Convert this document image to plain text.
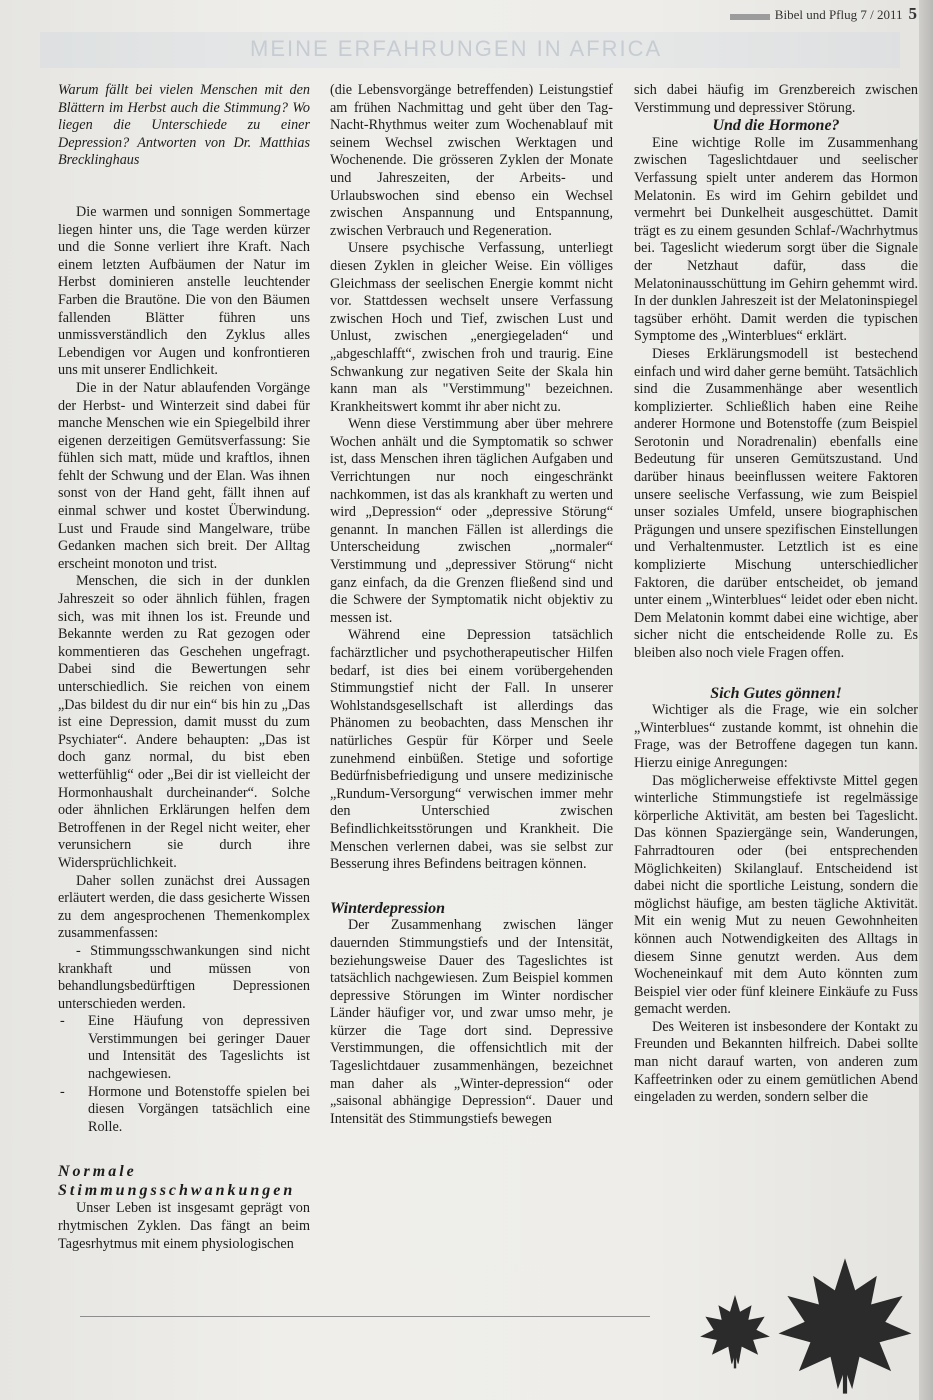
MEINE ERFAHRUNGEN IN AFRICA
Bibel und Pflug 7 / 2011 5

Warum fällt bei vielen Menschen mit den Blättern im Herbst auch die Stimmung? Wo liegen die Unterschiede zu einer Depression? Antworten von Dr. Matthias Brecklinghaus

Die warmen und sonnigen Sommertage liegen hinter uns, die Tage werden kürzer und die Sonne verliert ihre Kraft. Nach einem letzten Aufbäumen der Natur im Herbst dominieren anstelle leuchtender Farben die Brautöne. Die von den Bäumen fallenden Blätter führen uns unmissverständlich den Zyklus alles Lebendigen vor Augen und konfrontieren uns mit unserer Endlichkeit.

Die in der Natur ablaufenden Vorgänge der Herbst- und Winterzeit sind dabei für manche Menschen wie ein Spiegelbild ihrer eigenen derzeitigen Gemütsverfassung: Sie fühlen sich matt, müde und kraftlos, ihnen fehlt der Schwung und der Elan. Was ihnen sonst von der Hand geht, fällt ihnen auf einmal schwer und kostet Überwindung. Lust und Fraude sind Mangelware, trübe Gedanken machen sich breit. Der Alltag erscheint monoton und trist.

Menschen, die sich in der dunklen Jahreszeit so oder ähnlich fühlen, fragen sich, was mit ihnen los ist. Freunde und Bekannte werden zu Rat gezogen oder kommentieren das Geschehen ungefragt. Dabei sind die Bewertungen sehr unterschiedlich. Sie reichen von einem „Das bildest du dir nur ein“ bis hin zu „Das ist eine Depression, damit musst du zum Psychiater“. Andere behaupten: „Das ist doch ganz normal, du bist eben wetterfühlig“ oder „Bei dir ist vielleicht der Hormonhaushalt durcheinander“. Solche oder ähnlichen Erklärungen helfen dem Betroffenen in der Regel nicht weiter, eher verunsichern sie durch ihre Widersprüchlichkeit.

Daher sollen zunächst drei Aussagen erläutert werden, die dass gesicherte Wissen zu dem angesprochenen Themenkomplex zusammenfassen:

- Stimmungsschwankungen sind nicht krankhaft und müssen von behandlungsbedürftigen Depressionen unterschieden werden.

- Eine Häufung von depressiven Verstimmungen bei geringer Dauer und Intensität des Tageslichts ist nachgewiesen.

- Hormone und Botenstoffe spielen bei diesen Vorgängen tatsächlich eine Rolle.

Normale Stimmungsschwankungen

Unser Leben ist insgesamt geprägt von rhytmischen Zyklen. Das fängt an beim Tagesrhytmus mit einem physiologischen

(die Lebensvorgänge betreffenden) Leistungstief am frühen Nachmittag und geht über den Tag-Nacht-Rhythmus weiter zum Wochenablauf mit seinem Wechsel zwischen Werktagen und Wochenende. Die grösseren Zyklen der Monate und Jahreszeiten, der Arbeits- und Urlaubswochen sind ebenso ein Wechsel zwischen Anspannung und Entspannung, zwischen Verbrauch und Regeneration.

Unsere psychische Verfassung, unterliegt diesen Zyklen in gleicher Weise. Ein völliges Gleichmass der seelischen Energie kommt nicht vor. Stattdessen wechselt unsere Verfassung zwischen Hoch und Tief, zwischen Lust und Unlust, zwischen „energiegeladen“ und „abgeschlafft“, zwischen froh und traurig. Eine Schwankung zur negativen Seite der Skala hin kann man als "Verstimmung" bezeichnen. Krankheitswert kommt ihr aber nicht zu.

Wenn diese Verstimmung aber über mehrere Wochen anhält und die Symptomatik so schwer ist, dass Menschen ihren täglichen Aufgaben und Verrichtungen nur noch eingeschränkt nachkommen, ist das als krankhaft zu werten und wird „Depression“ oder „depressive Störung“ genannt. In manchen Fällen ist allerdings die Unterscheidung zwischen „normaler“ Verstimmung und „depressiver Störung“ nicht ganz einfach, da die Grenzen fließend sind und die Schwere der Symptomatik nicht objektiv zu messen ist.

Während eine Depression tatsächlich fachärztlicher und psychotherapeutischer Hilfen bedarf, ist dies bei einem vorübergehenden Stimmungstief nicht der Fall. In unserer Wohlstandsgesellschaft ist allerdings das Phänomen zu beobachten, dass Menschen ihr natürliches Gespür für Körper und Seele zunehmend einbüßen. Stetige und sofortige Bedürfnisbefriedigung und unsere medizinische „Rundum-Versorgung“ verwischen immer mehr den Unterschied zwischen Befindlichkeitsstörungen und Krankheit. Die Menschen verlernen dabei, was sie selbst zur Besserung ihres Befindens beitragen können.

Winterdepression

Der Zusammenhang zwischen länger dauernden Stimmungstiefs und der Intensität, beziehungsweise Dauer des Tageslichtes ist tatsächlich nachgewiesen. Zum Beispiel kommen depressive Störungen im Winter nordischer Länder häufiger vor, und zwar umso mehr, je kürzer die Tage dort sind. Depressive Verstimmungen, die offensichtlich mit der Tageslichtdauer zusammenhängen, bezeichnet man daher als „Winter-depression“ oder „saisonal abhängige Depression“. Dauer und Intensität des Stimmungstiefs bewegen

sich dabei häufig im Grenzbereich zwischen Verstimmung und depressiver Störung.

Und die Hormone?

Eine wichtige Rolle im Zusammenhang zwischen Tageslichtdauer und seelischer Verfassung spielt unter anderem das Hormon Melatonin. Es wird im Gehirn gebildet und vermehrt bei Dunkelheit ausgeschüttet. Damit trägt es zu einem gesunden Schlaf-/Wachrhytmus bei. Tageslicht wiederum sorgt über die Signale der Netzhaut dafür, dass die Melatoninausschüttung im Gehirn gehemmt wird. In der dunklen Jahreszeit ist der Melatoninspiegel tagsüber erhöht. Damit werden die typischen Symptome des „Winterblues“ erklärt.

Dieses Erklärungsmodell ist bestechend einfach und wird daher gerne bemüht. Tatsächlich sind die Zusammenhänge aber wesentlich komplizierter. Schließlich haben eine Reihe anderer Hormone und Botenstoffe (zum Beispiel Serotonin und Noradrenalin) ebenfalls eine Bedeutung für unseren Gemütszustand. Und darüber hinaus beeinflussen weitere Faktoren unsere seelische Verfassung, wie zum Beispiel unser soziales Umfeld, unsere biographischen Prägungen und unsere spezifischen Einstellungen und Verhaltenmuster. Letztlich ist es eine komplizierte Mischung unterschiedlicher Faktoren, die darüber entscheidet, ob jemand unter einem „Winterblues“ leidet oder eben nicht. Dem Melatonin kommt dabei eine wichtige, aber sicher nicht die entscheidende Rolle zu. Es bleiben also noch viele Fragen offen.

Sich Gutes gönnen!

Wichtiger als die Frage, wie ein solcher „Winterblues“ zustande kommt, ist ohnehin die Frage, was der Betroffene dagegen tun kann. Hierzu einige Anregungen:

Das möglicherweise effektivste Mittel gegen winterliche Stimmungstiefe ist regelmässige körperliche Aktivität, am besten bei Tageslicht. Das können Spaziergänge sein, Wanderungen, Fahrradtouren oder (bei entsprechenden Möglichkeiten) Skilanglauf. Entscheidend ist dabei nicht die sportliche Leistung, sondern die möglichst häufige, am besten tägliche Aktivität. Mit ein wenig Mut zu neuen Gewohnheiten können auch Notwendigkeiten des Alltags in diesem Sinne genutzt werden. Aus dem Wocheneinkauf mit dem Auto könnten zum Beispiel vier oder fünf kleinere Einkäufe zu Fuss gemacht werden.

Des Weiteren ist insbesondere der Kontakt zu Freunden und Bekannten hilfreich. Dabei sollte man nicht darauf warten, von anderen zum Kaffeetrinken oder zu einem gemütlichen Abend eingeladen zu werden, sondern selber die
